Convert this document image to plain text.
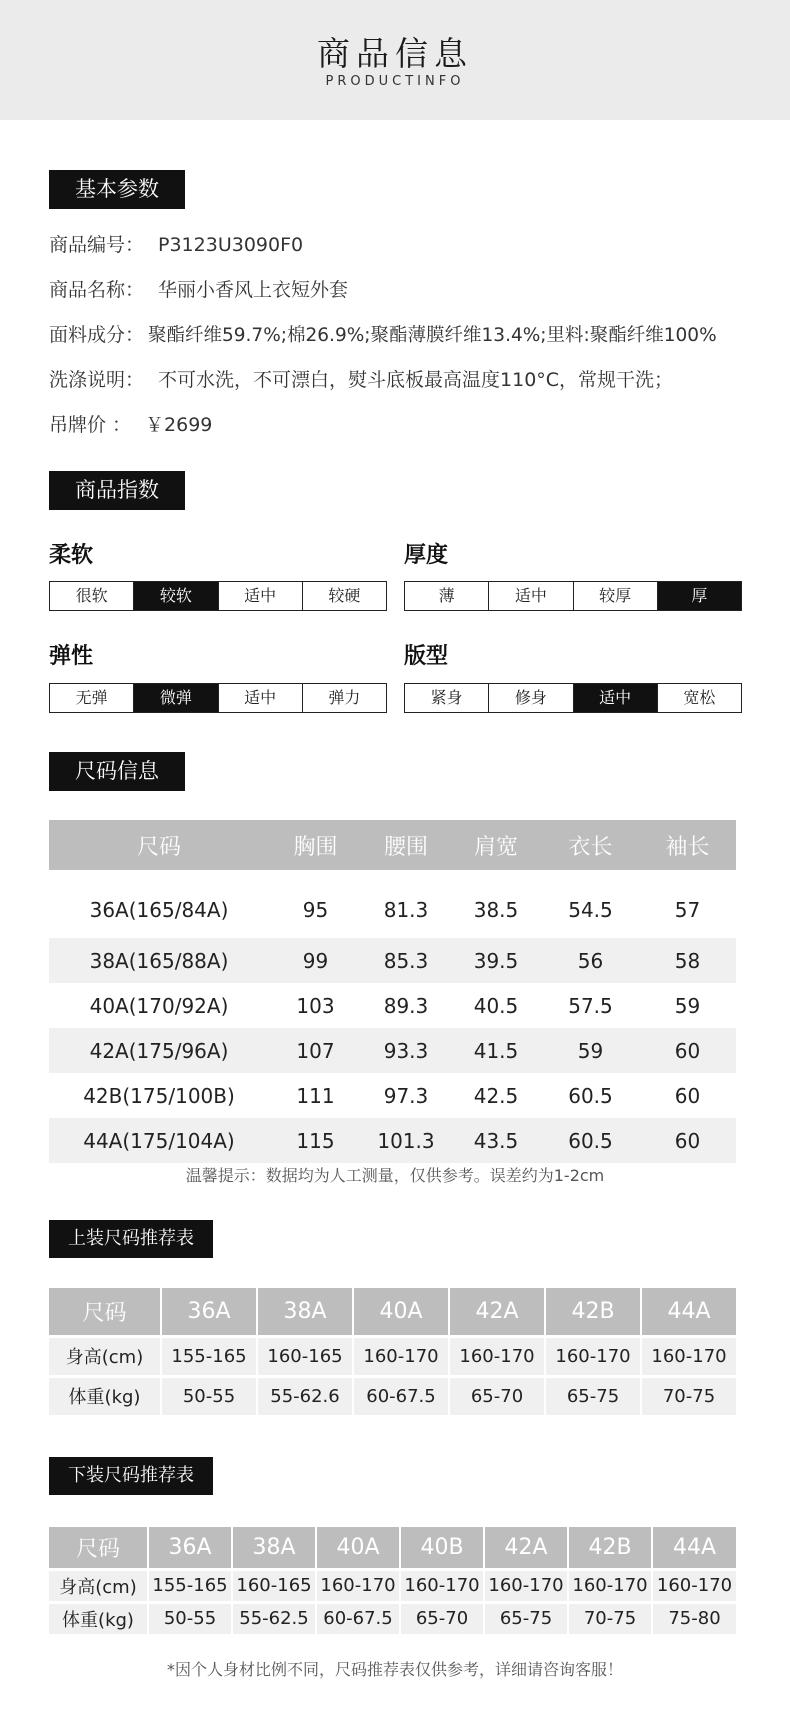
商品信息
PRODUCTINFO
基本参数
商品编号： P3123U3090F0
商品名称： 华丽小香风上衣短外套
面料成分： 聚酯纤维59.7%;棉26.9%;聚酯薄膜纤维13.4%;里料:聚酯纤维100%
洗涤说明： 不可水洗，不可漂白，熨斗底板最高温度110°C，常规干洗；
吊牌价 ： ￥2699
商品指数
柔软
很软	较软	适中	较硬
厚度
薄	适中	较厚	厚
弹性
无弹	微弹	适中	弹力
版型
紧身	修身	适中	宽松
尺码信息
尺码	胸围	腰围	肩宽	衣长	袖长
36A(165/84A)	95	81.3	38.5	54.5	57
38A(165/88A)	99	85.3	39.5	56	58
40A(170/92A)	103	89.3	40.5	57.5	59
42A(175/96A)	107	93.3	41.5	59	60
42B(175/100B)	111	97.3	42.5	60.5	60
44A(175/104A)	115	101.3	43.5	60.5	60
温馨提示：数据均为人工测量，仅供参考。误差约为1-2cm
上装尺码推荐表
尺码	36A	38A	40A	42A	42B	44A
身高(cm)	155-165	160-165	160-170	160-170	160-170	160-170
体重(kg)	50-55	55-62.6	60-67.5	65-70	65-75	70-75
下装尺码推荐表
尺码	36A	38A	40A	40B	42A	42B	44A
身高(cm)	155-165	160-165	160-170	160-170	160-170	160-170	160-170
体重(kg)	50-55	55-62.5	60-67.5	65-70	65-75	70-75	75-80
*因个人身材比例不同，尺码推荐表仅供参考，详细请咨询客服！
